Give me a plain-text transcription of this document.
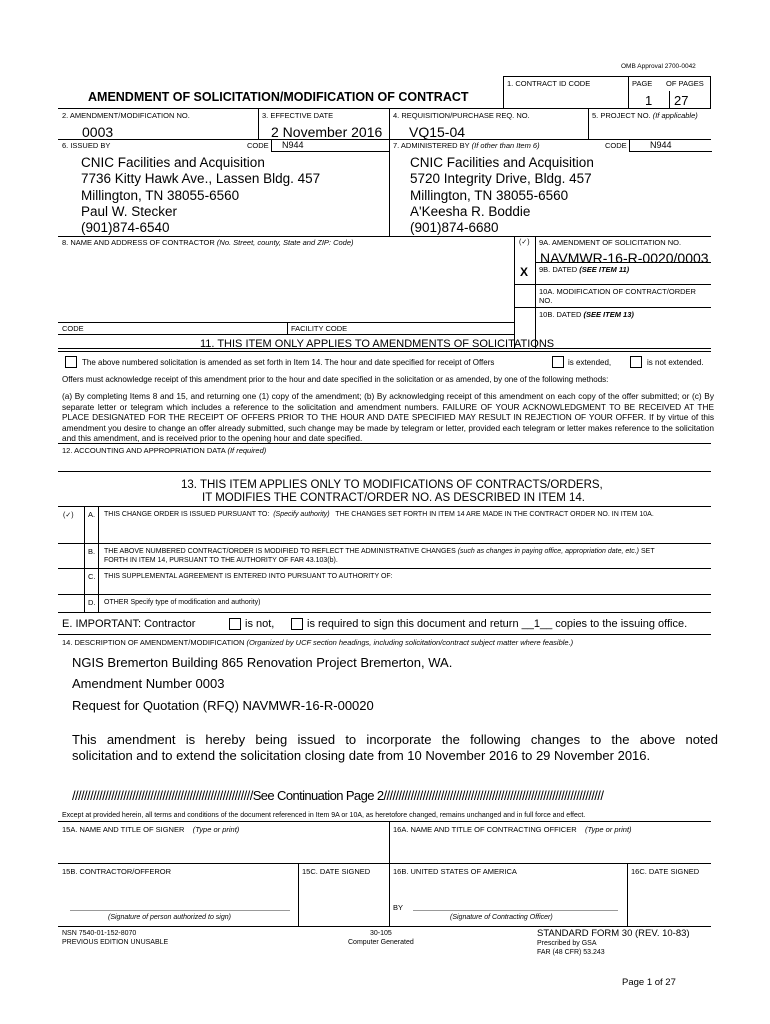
OMB Approval 2700-0042
1. CONTRACT ID CODE	PAGE OF PAGES
AMENDMENT OF SOLICITATION/MODIFICATION OF CONTRACT	1 27
2. AMENDMENT/MODIFICATION NO.	3. EFFECTIVE DATE	4. REQUISITION/PURCHASE REQ. NO.	5. PROJECT NO. (If applicable)
0003	2 November 2016 VQ15-04
6. ISSUED BY	CODE N944	7. ADMINISTERED BY (If other than Item 6)	CODE	N944
CNIC Facilities and Acquisition
7736 Kitty Hawk Ave., Lassen Bldg. 457
Millington, TN 38055-6560
Paul W. Stecker
(901)874-6540
CNIC Facilities and Acquisition
5720 Integrity Drive, Bldg. 457
Millington, TN 38055-6560
A'Keesha R. Boddie
(901)874-6680
8. NAME AND ADDRESS OF CONTRACTOR (No. Street, county, State and ZIP: Code)	(✓) 9A. AMENDMENT OF SOLICITATION NO.
NAVMWR-16-R-0020/0003
X 9B. DATED (SEE ITEM 11)
10A. MODIFICATION OF CONTRACT/ORDER NO.
10B. DATED (SEE ITEM 13)
CODE	FACILITY CODE
11. THIS ITEM ONLY APPLIES TO AMENDMENTS OF SOLICITATIONS
The above numbered solicitation is amended as set forth in Item 14. The hour and date specified for receipt of Offers	is extended,	is not extended.
Offers must acknowledge receipt of this amendment prior to the hour and date specified in the solicitation or as amended, by one of the following methods:
(a) By completing Items 8 and 15, and returning one (1) copy of the amendment; (b) By acknowledging receipt of this amendment on each copy of the offer submitted; or (c) By separate letter or telegram which includes a reference to the solicitation and amendment numbers. FAILURE OF YOUR ACKNOWLEDGMENT TO BE RECEIVED AT THE PLACE DESIGNATED FOR THE RECEIPT OF OFFERS PRIOR TO THE HOUR AND DATE SPECIFIED MAY RESULT IN REJECTION OF YOUR OFFER. If by virtue of this amendment you desire to change an offer already submitted, such change may be made by telegram or letter, provided each telegram or letter makes reference to the solicitation and this amendment, and is received prior to the opening hour and date specified.
12. ACCOUNTING AND APPROPRIATION DATA (If required)
13. THIS ITEM APPLIES ONLY TO MODIFICATIONS OF CONTRACTS/ORDERS,
IT MODIFIES THE CONTRACT/ORDER NO. AS DESCRIBED IN ITEM 14.
(✓) A. THIS CHANGE ORDER IS ISSUED PURSUANT TO: (Specify authority) THE CHANGES SET FORTH IN ITEM 14 ARE MADE IN THE CONTRACT ORDER NO. IN ITEM 10A.
B. THE ABOVE NUMBERED CONTRACT/ORDER IS MODIFIED TO REFLECT THE ADMINISTRATIVE CHANGES (such as changes in paying office, appropriation date, etc.) SET
FORTH IN ITEM 14, PURSUANT TO THE AUTHORITY OF FAR 43.103(b).
C. THIS SUPPLEMENTAL AGREEMENT IS ENTERED INTO PURSUANT TO AUTHORITY OF:
D. OTHER Specify type of modification and authority)
E. IMPORTANT: Contractor	is not,	is required to sign this document and return __1__ copies to the issuing office.
14. DESCRIPTION OF AMENDMENT/MODIFICATION (Organized by UCF section headings, including solicitation/contract subject matter where feasible.)
NGIS Bremerton Building 865 Renovation Project Bremerton, WA.
Amendment Number 0003
Request for Quotation (RFQ) NAVMWR-16-R-00020
This amendment is hereby being issued to incorporate the following changes to the above noted
solicitation and to extend the solicitation closing date from 10 November 2016 to 29 November 2016.
////////////////////////////////////////////////////////////See Continuation Page 2/////////////////////////////////////////////////////////////////////////
Except at provided herein, all terms and conditions of the document referenced in Item 9A or 10A, as heretofore changed, remains unchanged and in full force and effect.
15A. NAME AND TITLE OF SIGNER (Type or print)	16A. NAME AND TITLE OF CONTRACTING OFFICER (Type or print)
15B. CONTRACTOR/OFFEROR	15C. DATE SIGNED	16B. UNITED STATES OF AMERICA	16C. DATE SIGNED
BY
(Signature of person authorized to sign)	(Signature of Contracting Officer)
NSN 7540-01-152-8070
PREVIOUS EDITION UNUSABLE
30-105
Computer Generated
STANDARD FORM 30 (REV. 10-83)
Prescribed by GSA
FAR (48 CFR) 53.243
Page 1 of 27
